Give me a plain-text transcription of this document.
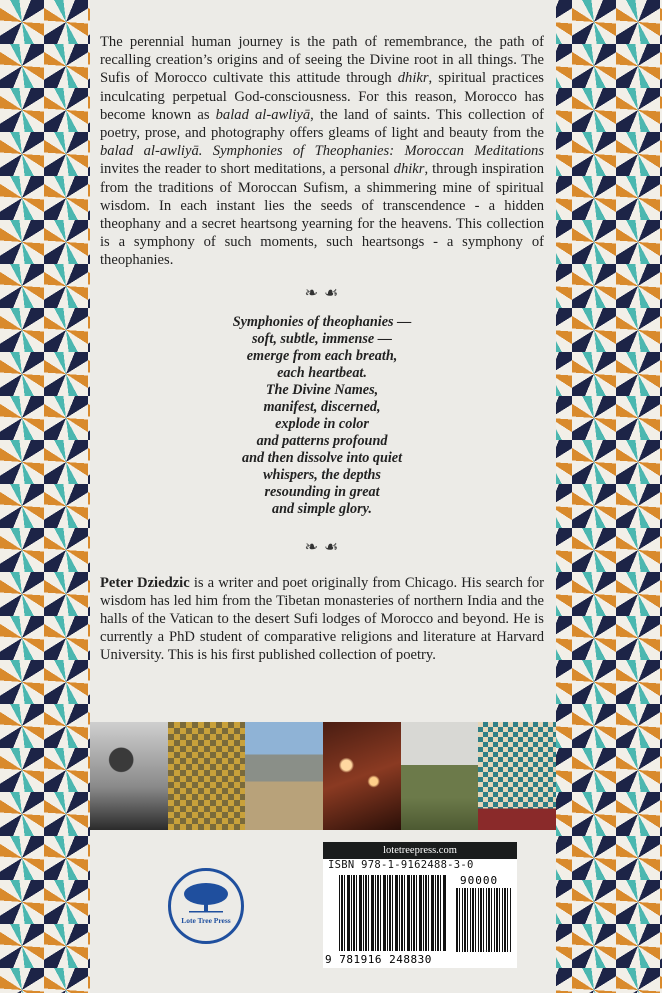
The perennial human journey is the path of remembrance, the path of recalling creation’s origins and of seeing the Divine root in all things. The Sufis of Morocco cultivate this attitude through dhikr, spiritual practices inculcating perpetual God-consciousness. For this reason, Morocco has become known as balad al-awliyā, the land of saints. This collection of poetry, prose, and photography offers gleams of light and beauty from the balad al-awliyā. Symphonies of Theophanies: Moroccan Meditations invites the reader to short meditations, a personal dhikr, through inspiration from the traditions of Moroccan Sufism, a shimmering mine of spiritual wisdom. In each instant lies the seeds of transcendence - a hidden theophany and a secret heartsong yearning for the heavens. This collection is a symphony of such moments, such heartsongs - a symphony of theophanies.

❧ ☙
Symphonies of theophanies —
soft, subtle, immense —
emerge from each breath,
each heartbeat.
The Divine Names,
manifest, discerned,
explode in color
and patterns profound
and then dissolve into quiet
whispers, the depths
resounding in great
and simple glory.
❧ ☙

Peter Dziedzic is a writer and poet originally from Chicago. His search for wisdom has led him from the Tibetan monasteries of northern India and the halls of the Vatican to the desert Sufi lodges of Morocco and beyond. He is currently a PhD student of comparative religions and literature at Harvard University. This is his first published collection of poetry.

Lote Tree Press
lotetreepress.com
ISBN 978-1-9162488-3-0
90000
9 781916 248830
